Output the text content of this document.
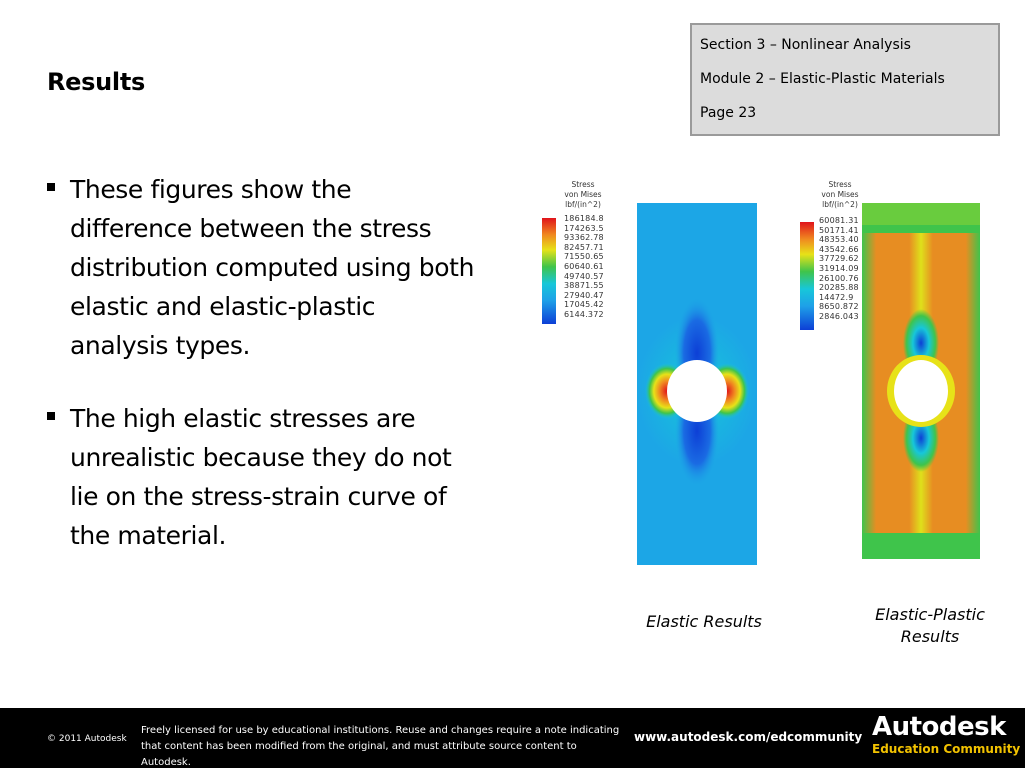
Results
Section 3 – Nonlinear Analysis
Module 2 – Elastic-Plastic Materials
Page 23
These figures show the difference between the stress distribution computed using both elastic and elastic-plastic analysis types.
The high elastic stresses are unrealistic because they do not lie on the stress-strain curve of the material.
Stress
von Mises
lbf/(in^2)
186184.8
174263.5
93362.78
82457.71
71550.65
60640.61
49740.57
38871.55
27940.47
17045.42
6144.372
Stress
von Mises
lbf/(in^2)
60081.31
50171.41
48353.40
43542.66
37729.62
31914.09
26100.76
20285.88
14472.9
8650.872
2846.043
Elastic Results	Elastic-Plastic Results
© 2011 Autodesk
Freely licensed for use by educational institutions. Reuse and changes require a note indicating that content has been modified from the original, and must attribute source content to Autodesk.
www.autodesk.com/edcommunity Autodesk
Education Community
